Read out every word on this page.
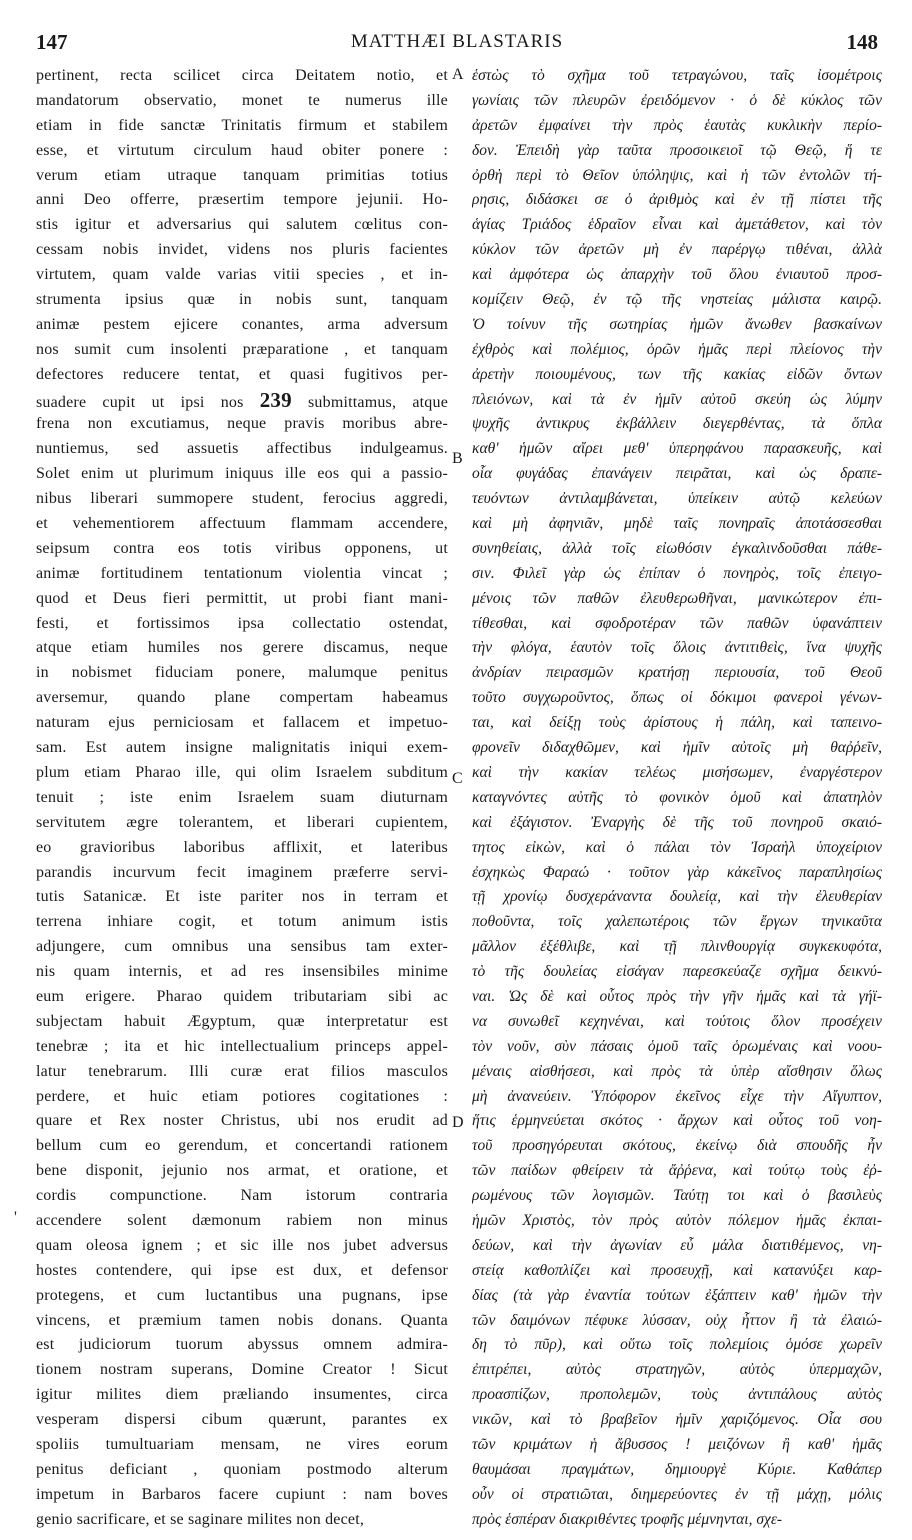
147	MATTHÆI BLASTARIS	148
pertinent, recta scilicet circa Deitatem notio, et
mandatorum observatio, monet te numerus ille
etiam in fide sanctæ Trinitatis firmum et stabilem
esse, et virtutum circulum haud obiter ponere :
verum etiam utraque tanquam primitias totius
anni Deo offerre, præsertim tempore jejunii. Ho-
stis igitur et adversarius qui salutem cœlitus con-
cessam nobis invidet, videns nos pluris facientes
virtutem, quam valde varias vitii species , et in-
strumenta ipsius quæ in nobis sunt, tanquam
animæ pestem ejicere conantes, arma adversum
nos sumit cum insolenti præparatione , et tanquam
defectores reducere tentat, et quasi fugitivos per-
suadere cupit ut ipsi nos 239 submittamus, atque
frena non excutiamus, neque pravis moribus abre-
nuntiemus, sed assuetis affectibus indulgeamus.
Solet enim ut plurimum iniquus ille eos qui a passio-
nibus liberari summopere student, ferocius aggredi,
et vehementiorem affectuum flammam accendere,
seipsum contra eos totis viribus opponens, ut
animæ fortitudinem tentationum violentia vincat ;
quod et Deus fieri permittit, ut probi fiant mani-
festi, et fortissimos ipsa collectatio ostendat,
atque etiam humiles nos gerere discamus, neque
in nobismet fiduciam ponere, malumque penitus
aversemur, quando plane compertam habeamus
naturam ejus perniciosam et fallacem et impetuo-
sam. Est autem insigne malignitatis iniqui exem-
plum etiam Pharao ille, qui olim Israelem subditum
tenuit ; iste enim Israelem suam diuturnam
servitutem ægre tolerantem, et liberari cupientem,
eo gravioribus laboribus afflixit, et lateribus
parandis incurvum fecit imaginem præferre servi-
tutis Satanicæ. Et iste pariter nos in terram et
terrena inhiare cogit, et totum animum istis
adjungere, cum omnibus una sensibus tam exter-
nis quam internis, et ad res insensibiles minime
eum erigere. Pharao quidem tributariam sibi ac
subjectam habuit Ægyptum, quæ interpretatur est
tenebræ ; ita et hic intellectualium princeps appel-
latur tenebrarum. Illi curæ erat filios masculos
perdere, et huic etiam potiores cogitationes :
quare et Rex noster Christus, ubi nos erudit ad
bellum cum eo gerendum, et concertandi rationem
bene disponit, jejunio nos armat, et oratione, et
cordis compunctione. Nam istorum contraria
accendere solent dæmonum rabiem non minus
quam oleosa ignem ; et sic ille nos jubet adversus
hostes contendere, qui ipse est dux, et defensor
protegens, et cum luctantibus una pugnans, ipse
vincens, et præmium tamen nobis donans. Quanta
est judiciorum tuorum abyssus omnem admira-
tionem nostram superans, Domine Creator ! Sicut
igitur milites diem præliando insumentes, circa
vesperam dispersi cibum quærunt, parantes ex
spoliis tumultuariam mensam, ne vires eorum
penitus deficiant , quoniam postmodo alterum
impetum in Barbaros facere cupiunt : nam boves
genio sacrificare, et se saginare milites non decet,
ἑστὼς τὸ σχῆμα τοῦ τετραγώνου, ταῖς ἰσομέτροις
γωνίαις τῶν πλευρῶν ἐρειδόμενον · ὁ δὲ κύκλος τῶν
ἀρετῶν ἐμφαίνει τὴν πρὸς ἑαυτὰς κυκλικὴν περίο-
δον. Ἐπειδὴ γὰρ ταῦτα προσοικειοῖ τῷ Θεῷ, ἥ τε
ὀρθὴ περὶ τὸ Θεῖον ὑπόληψις, καὶ ἡ τῶν ἐντολῶν τή-
ρησις, διδάσκει σε ὁ ἀριθμὸς καὶ ἐν τῇ πίστει τῆς
ἁγίας Τριάδος ἑδραῖον εἶναι καὶ ἀμετάθετον, καὶ τὸν
κύκλον τῶν ἀρετῶν μὴ ἐν παρέργῳ τιθέναι, ἀλλὰ
καὶ ἀμφότερα ὡς ἀπαρχὴν τοῦ ὅλου ἐνιαυτοῦ προσ-
κομίζειν Θεῷ, ἐν τῷ τῆς νηστείας μάλιστα καιρῷ.
Ὁ τοίνυν τῆς σωτηρίας ἡμῶν ἄνωθεν βασκαίνων
ἐχθρὸς καὶ πολέμιος, ὁρῶν ἡμᾶς περὶ πλείονος τὴν
ἀρετὴν ποιουμένους, των τῆς κακίας εἰδῶν ὄντων
πλειόνων, καὶ τὰ ἐν ἡμῖν αὐτοῦ σκεύη ὡς λύμην
ψυχῆς ἀντικρυς ἐκβάλλειν διεγερθέντας, τὰ ὅπλα
καθ' ἡμῶν αἴρει μεθ' ὑπερηφάνου παρασκευῆς, καὶ
οἷα φυγάδας ἐπανάγειν πειρᾶται, καὶ ὡς δραπε-
τευόντων ἀντιλαμβάνεται, ὑπείκειν αὐτῷ κελεύων
καὶ μὴ ἀφηνιᾶν, μηδὲ ταῖς πονηραῖς ἀποτάσσεσθαι
συνηθείαις, ἀλλὰ τοῖς εἰωθόσιν ἐγκαλινδοῦσθαι πάθε-
σιν. Φιλεῖ γὰρ ὡς ἐπίπαν ὁ πονηρὸς, τοῖς ἐπειγο-
μένοις τῶν παθῶν ἐλευθερωθῆναι, μανικώτερον ἐπι-
τίθεσθαι, καὶ σφοδροτέραν τῶν παθῶν ὑφανάπτειν
τὴν φλόγα, ἑαυτὸν τοῖς ὅλοις ἀντιτιθεὶς, ἵνα ψυχῆς
ἀνδρίαν πειρασμῶν κρατήσῃ περιουσία, τοῦ Θεοῦ
τοῦτο συγχωροῦντος, ὅπως οἱ δόκιμοι φανεροὶ γένων-
ται, καὶ δείξῃ τοὺς ἀρίστους ἡ πάλη, καὶ ταπεινο-
φρονεῖν διδαχθῶμεν, καὶ ἡμῖν αὐτοῖς μὴ θαῤῥεῖν,
καὶ τὴν κακίαν τελέως μισήσωμεν, ἐναργέστερον
καταγνόντες αὐτῆς τὸ φονικὸν ὁμοῦ καὶ ἀπατηλὸν
καὶ ἐξάγιστον. Ἐναργὴς δὲ τῆς τοῦ πονηροῦ σκαιό-
τητος εἰκὼν, καὶ ὁ πάλαι τὸν Ἰσραὴλ ὑποχείριον
ἐσχηκὼς Φαραώ · τοῦτον γὰρ κἀκεῖνος παραπλησίως
τῇ χρονίῳ δυσχεράναντα δουλείᾳ, καὶ τὴν ἐλευθερίαν
ποθοῦντα, τοῖς χαλεπωτέροις τῶν ἔργων τηνικαῦτα
μᾶλλον ἐξέθλιβε, καὶ τῇ πλινθουργίᾳ συγκεκυφότα,
τὸ τῆς δουλείας εἰσάγαν παρεσκεύαζε σχῆμα δεικνύ-
ναι. Ὡς δὲ καὶ οὗτος πρὸς τὴν γῆν ἡμᾶς καὶ τὰ γήϊ-
να συνωθεῖ κεχηνέναι, καὶ τούτοις ὅλον προσέχειν
τὸν νοῦν, σὺν πάσαις ὁμοῦ ταῖς ὁρωμέναις καὶ νοου-
μέναις αἰσθήσεσι, καὶ πρὸς τὰ ὑπὲρ αἴσθησιν ὅλως
μὴ ἀνανεύειν. Ὑπόφορον ἐκεῖνος εἶχε τὴν Αἴγυπτον,
ἥτις ἑρμηνεύεται σκότος · ἄρχων καὶ οὗτος τοῦ νοη-
τοῦ προσηγόρευται σκότους, ἐκείνῳ διὰ σπουδῆς ἦν
τῶν παίδων φθείρειν τὰ ἄῤῥενα, καὶ τούτῳ τοὺς ἐῤ-
ρωμένους τῶν λογισμῶν. Ταύτῃ τοι καὶ ὁ βασιλεὺς
ἡμῶν Χριστὸς, τὸν πρὸς αὐτὸν πόλεμον ἡμᾶς ἐκπαι-
δεύων, καὶ τὴν ἀγωνίαν εὖ μάλα διατιθέμενος, νη-
στείᾳ καθοπλίζει καὶ προσευχῇ, καὶ κατανύξει καρ-
δίας (τὰ γὰρ ἐναντία τούτων ἐξάπτειν καθ' ἡμῶν τὴν
τῶν δαιμόνων πέφυκε λύσσαν, οὐχ ἧττον ἢ τὰ ἐλαιώ-
δη τὸ πῦρ), καὶ οὕτω τοῖς πολεμίοις ὁμόσε χωρεῖν
ἐπιτρέπει, αὐτὸς στρατηγῶν, αὐτὸς ὑπερμαχῶν,
προασπίζων, προπολεμῶν, τοὺς ἀντιπάλους αὐτὸς
νικῶν, καὶ τὸ βραβεῖον ἡμῖν χαριζόμενος. Οἷα σου
τῶν κριμάτων ἡ ἄβυσσος ! μειζόνων ἢ καθ' ἡμᾶς
θαυμάσαι πραγμάτων, δημιουργὲ Κύριε. Καθάπερ
οὖν οἱ στρατιῶται, διημερεύοντες ἐν τῇ μάχῃ, μόλις
πρὸς ἑσπέραν διακριθέντες τροφῆς μέμνηνται, σχε-
A
B
C
D
'
